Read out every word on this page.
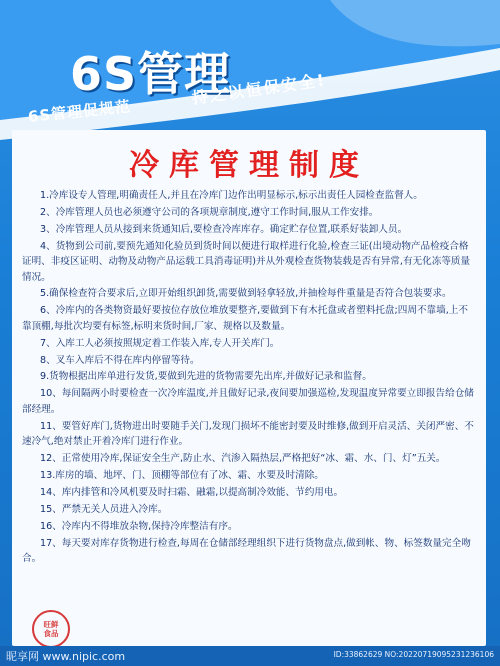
6S管理
6S管理促规范
持之以恒保安全!
冷库管理制度

1.冷库设专人管理,明确责任人,并且在冷库门边作出明显标示,标示出责任人园检查监督人。

2、冷库管理人员也必须遵守公司的各项规章制度,遵守工作时间,服从工作安排。

3、冷库管理人员从接到来货通知后,要检查冷库库存。确定贮存位置,联系好装卸人员。

4、货物到公司前,要预先通知化验员到货时间以便进行取样进行化验,检查三证(出境动物产品检疫合格证明、非疫区证明、动物及动物产品运载工具消毒证明)并从外观检查货物装载是否有异常,有无化冻等质量情况。

5.确保检查符合要求后,立即开始组织卸货,需要做到轻拿轻放,并抽检每件重量是否符合包装要求。

6、冷库内的各类物资最好要按位存放位堆放要整齐,要做到下有木托盘或者塑料托盘;四周不靠墙,上不靠顶棚,每批次均要有标签,标明来货时间,厂家、规格以及数量。

7、入库工人必须按照规定着工作装入库,专人开关库门。

8、叉车入库后不得在库内停留等待。

9.货物根据出库单进行发货,要做到先进的货物需要先出库,并做好记录和监督。

10、每间隔两小时要检查一次冷库温度,并且做好记录,夜间要加强巡检,发现温度异常要立即报告给仓储部经理。

11、要管好库门,货物进出时要随手关门,发现门损坏不能密封要及时维修,做到开启灵活、关闭严密、不速冷气,绝对禁止开着冷库门进行作业。

12、正常使用冷库,保证安全生产,防止水、汽渗入隔热层,严格把好“冰、霜、水、门、灯”五关。

13.库房的墙、地坪、门、顶棚等部位有了冰、霜、水要及时清除。

14、库内排管和冷风机要及时扫霜、融霜,以提高制冷效能、节约用电。

15、严禁无关人员进入冷库。

16、冷库内不得堆放杂物,保持冷库整洁有序。

17、每天要对库存货物进行检查,每周在仓储部经理组织下进行货物盘点,做到帐、物、标签数量完全吻合。

旺鲜
食品
昵享网 www.nipic.com	ID:33862629 NO:20220719095231236106
